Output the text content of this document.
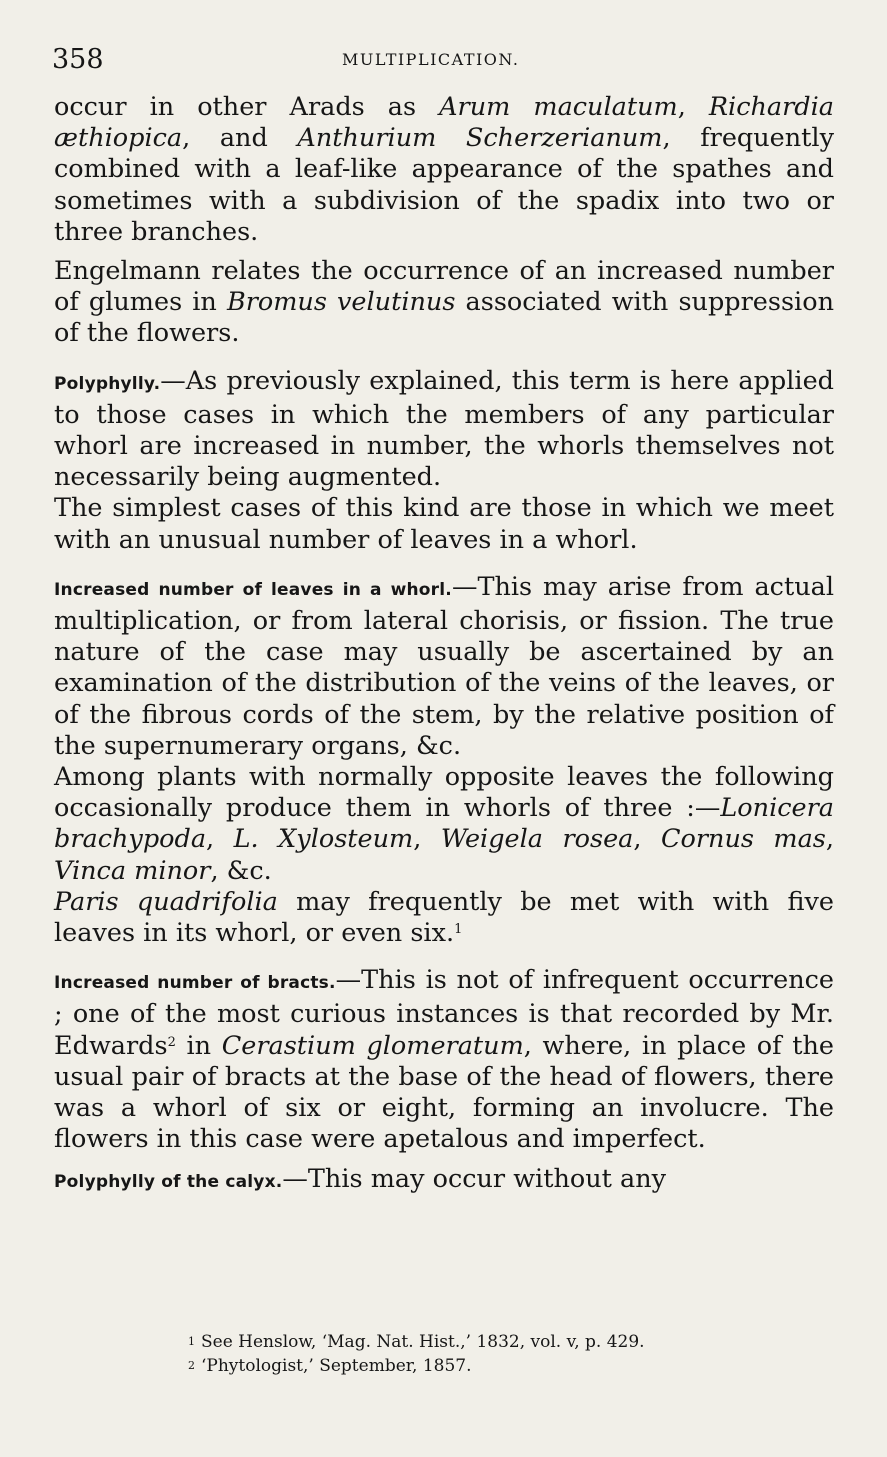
358	MULTIPLICATION.

occur in other Arads as Arum maculatum, Richardia æthiopica, and Anthurium Scherzerianum, frequently combined with a leaf-like appearance of the spathes and sometimes with a subdivision of the spadix into two or three branches.

Engelmann relates the occurrence of an increased number of glumes in Bromus velutinus associated with suppression of the flowers.

Polyphylly.—As previously explained, this term is here applied to those cases in which the members of any particular whorl are increased in number, the whorls themselves not necessarily being augmented.

The simplest cases of this kind are those in which we meet with an unusual number of leaves in a whorl.

Increased number of leaves in a whorl.—This may arise from actual multiplication, or from lateral chorisis, or fission. The true nature of the case may usually be ascertained by an examination of the distribution of the veins of the leaves, or of the fibrous cords of the stem, by the relative position of the supernumerary organs, &c.

Among plants with normally opposite leaves the following occasionally produce them in whorls of three :—Lonicera brachypoda, L. Xylosteum, Weigela rosea, Cornus mas, Vinca minor, &c.

Paris quadrifolia may frequently be met with with five leaves in its whorl, or even six.$^1$

Increased number of bracts.—This is not of infrequent occurrence ; one of the most curious instances is that recorded by Mr. Edwards$^2$ in Cerastium glomeratum, where, in place of the usual pair of bracts at the base of the head of flowers, there was a whorl of six or eight, forming an involucre. The flowers in this case were apetalous and imperfect.

Polyphylly of the calyx.—This may occur without any

$^1$ See Henslow, ‘Mag. Nat. Hist.,’ 1832, vol. v, p. 429.
$^2$ ‘Phytologist,’ September, 1857.
